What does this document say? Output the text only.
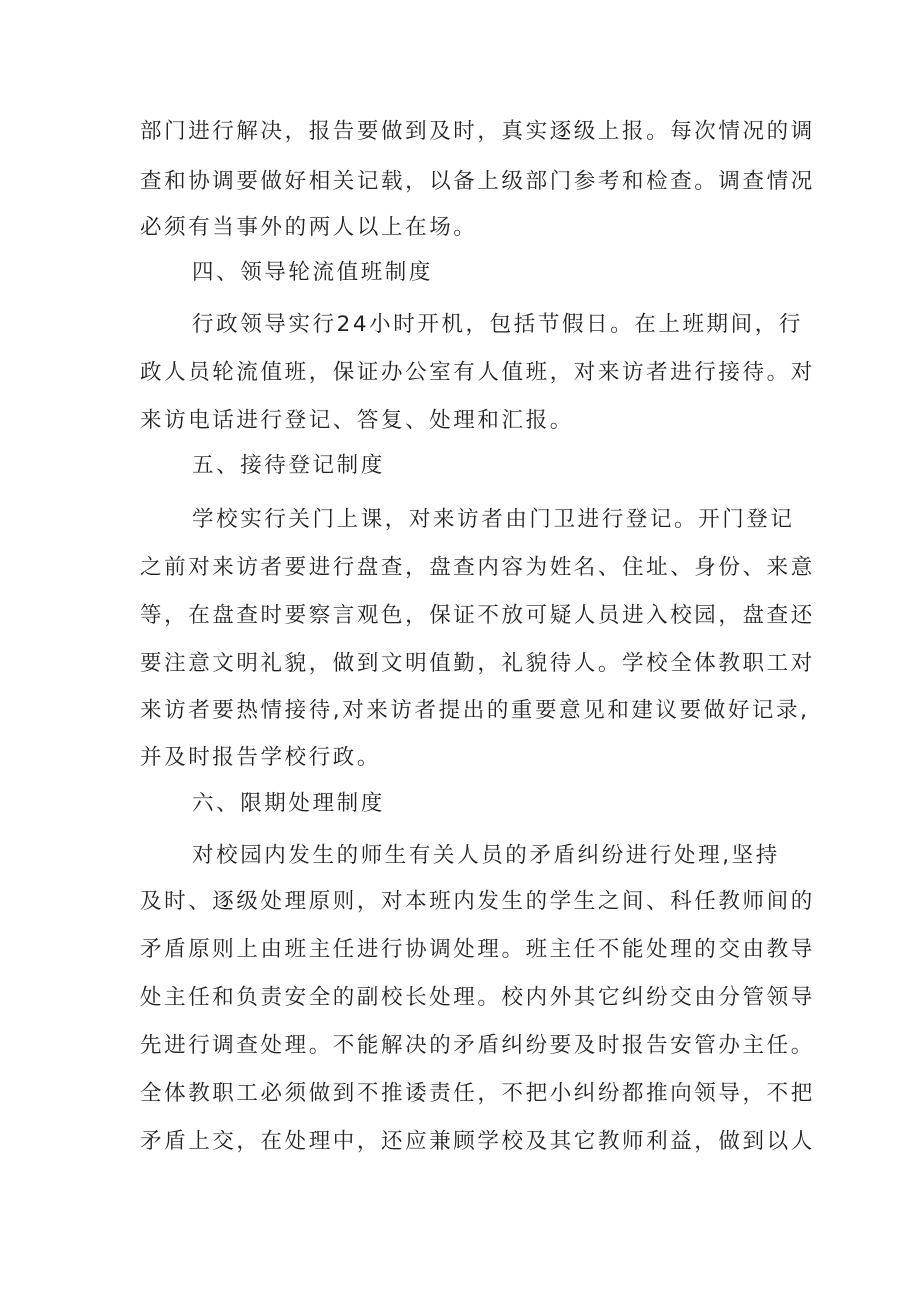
部门进行解决，报告要做到及时，真实逐级上报。每次情况的调
查和协调要做好相关记载，以备上级部门参考和检查。调查情况
必须有当事外的两人以上在场。
四、领导轮流值班制度
行政领导实行24小时开机，包括节假日。在上班期间，行
政人员轮流值班，保证办公室有人值班，对来访者进行接待。对
来访电话进行登记、答复、处理和汇报。
五、接待登记制度
学校实行关门上课，对来访者由门卫进行登记。开门登记
之前对来访者要进行盘查，盘查内容为姓名、住址、身份、来意
等，在盘查时要察言观色，保证不放可疑人员进入校园，盘查还
要注意文明礼貌，做到文明值勤，礼貌待人。学校全体教职工对
来访者要热情接待,对来访者提出的重要意见和建议要做好记录,
并及时报告学校行政。
六、限期处理制度
对校园内发生的师生有关人员的矛盾纠纷进行处理,坚持
及时、逐级处理原则，对本班内发生的学生之间、科任教师间的
矛盾原则上由班主任进行协调处理。班主任不能处理的交由教导
处主任和负责安全的副校长处理。校内外其它纠纷交由分管领导
先进行调查处理。不能解决的矛盾纠纷要及时报告安管办主任。
全体教职工必须做到不推诿责任，不把小纠纷都推向领导，不把
矛盾上交，在处理中，还应兼顾学校及其它教师利益，做到以人
